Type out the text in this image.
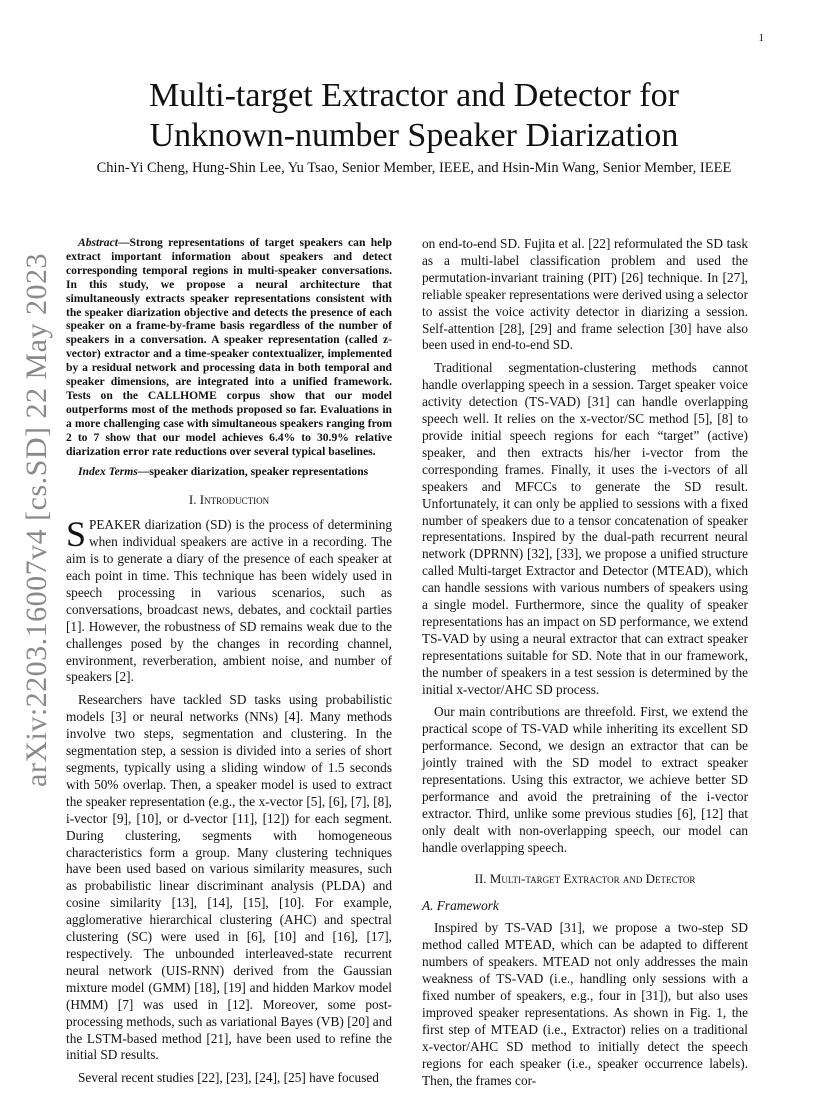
1
arXiv:2203.16007v4 [cs.SD] 22 May 2023
Multi-target Extractor and Detector for
Unknown-number Speaker Diarization
Chin-Yi Cheng, Hung-Shin Lee, Yu Tsao, Senior Member, IEEE, and Hsin-Min Wang, Senior Member, IEEE

Abstract—Strong representations of target speakers can help extract important information about speakers and detect corresponding temporal regions in multi-speaker conversations. In this study, we propose a neural architecture that simultaneously extracts speaker representations consistent with the speaker diarization objective and detects the presence of each speaker on a frame-by-frame basis regardless of the number of speakers in a conversation. A speaker representation (called z-vector) extractor and a time-speaker contextualizer, implemented by a residual network and processing data in both temporal and speaker dimensions, are integrated into a unified framework. Tests on the CALLHOME corpus show that our model outperforms most of the methods proposed so far. Evaluations in a more challenging case with simultaneous speakers ranging from 2 to 7 show that our model achieves 6.4% to 30.9% relative diarization error rate reductions over several typical baselines.

Index Terms—speaker diarization, speaker representations

I. Introduction

SPEAKER diarization (SD) is the process of determining when individual speakers are active in a recording. The aim is to generate a diary of the presence of each speaker at each point in time. This technique has been widely used in speech processing in various scenarios, such as conversations, broadcast news, debates, and cocktail parties [1]. However, the robustness of SD remains weak due to the challenges posed by the changes in recording channel, environment, reverberation, ambient noise, and number of speakers [2].

Researchers have tackled SD tasks using probabilistic models [3] or neural networks (NNs) [4]. Many methods involve two steps, segmentation and clustering. In the segmentation step, a session is divided into a series of short segments, typically using a sliding window of 1.5 seconds with 50% overlap. Then, a speaker model is used to extract the speaker representation (e.g., the x-vector [5], [6], [7], [8], i-vector [9], [10], or d-vector [11], [12]) for each segment. During clustering, segments with homogeneous characteristics form a group. Many clustering techniques have been used based on various similarity measures, such as probabilistic linear discriminant analysis (PLDA) and cosine similarity [13], [14], [15], [10]. For example, agglomerative hierarchical clustering (AHC) and spectral clustering (SC) were used in [6], [10] and [16], [17], respectively. The unbounded interleaved-state recurrent neural network (UIS-RNN) derived from the Gaussian mixture model (GMM) [18], [19] and hidden Markov model (HMM) [7] was used in [12]. Moreover, some post-processing methods, such as variational Bayes (VB) [20] and the LSTM-based method [21], have been used to refine the initial SD results.

Several recent studies [22], [23], [24], [25] have focused

on end-to-end SD. Fujita et al. [22] reformulated the SD task as a multi-label classification problem and used the permutation-invariant training (PIT) [26] technique. In [27], reliable speaker representations were derived using a selector to assist the voice activity detector in diarizing a session. Self-attention [28], [29] and frame selection [30] have also been used in end-to-end SD.

Traditional segmentation-clustering methods cannot handle overlapping speech in a session. Target speaker voice activity detection (TS-VAD) [31] can handle overlapping speech well. It relies on the x-vector/SC method [5], [8] to provide initial speech regions for each “target” (active) speaker, and then extracts his/her i-vector from the corresponding frames. Finally, it uses the i-vectors of all speakers and MFCCs to generate the SD result. Unfortunately, it can only be applied to sessions with a fixed number of speakers due to a tensor concatenation of speaker representations. Inspired by the dual-path recurrent neural network (DPRNN) [32], [33], we propose a unified structure called Multi-target Extractor and Detector (MTEAD), which can handle sessions with various numbers of speakers using a single model. Furthermore, since the quality of speaker representations has an impact on SD performance, we extend TS-VAD by using a neural extractor that can extract speaker representations suitable for SD. Note that in our framework, the number of speakers in a test session is determined by the initial x-vector/AHC SD process.

Our main contributions are threefold. First, we extend the practical scope of TS-VAD while inheriting its excellent SD performance. Second, we design an extractor that can be jointly trained with the SD model to extract speaker representations. Using this extractor, we achieve better SD performance and avoid the pretraining of the i-vector extractor. Third, unlike some previous studies [6], [12] that only dealt with non-overlapping speech, our model can handle overlapping speech.

II. Multi-target Extractor and Detector
A. Framework

Inspired by TS-VAD [31], we propose a two-step SD method called MTEAD, which can be adapted to different numbers of speakers. MTEAD not only addresses the main weakness of TS-VAD (i.e., handling only sessions with a fixed number of speakers, e.g., four in [31]), but also uses improved speaker representations. As shown in Fig. 1, the first step of MTEAD (i.e., Extractor) relies on a traditional x-vector/AHC SD method to initially detect the speech regions for each speaker (i.e., speaker occurrence labels). Then, the frames cor-
